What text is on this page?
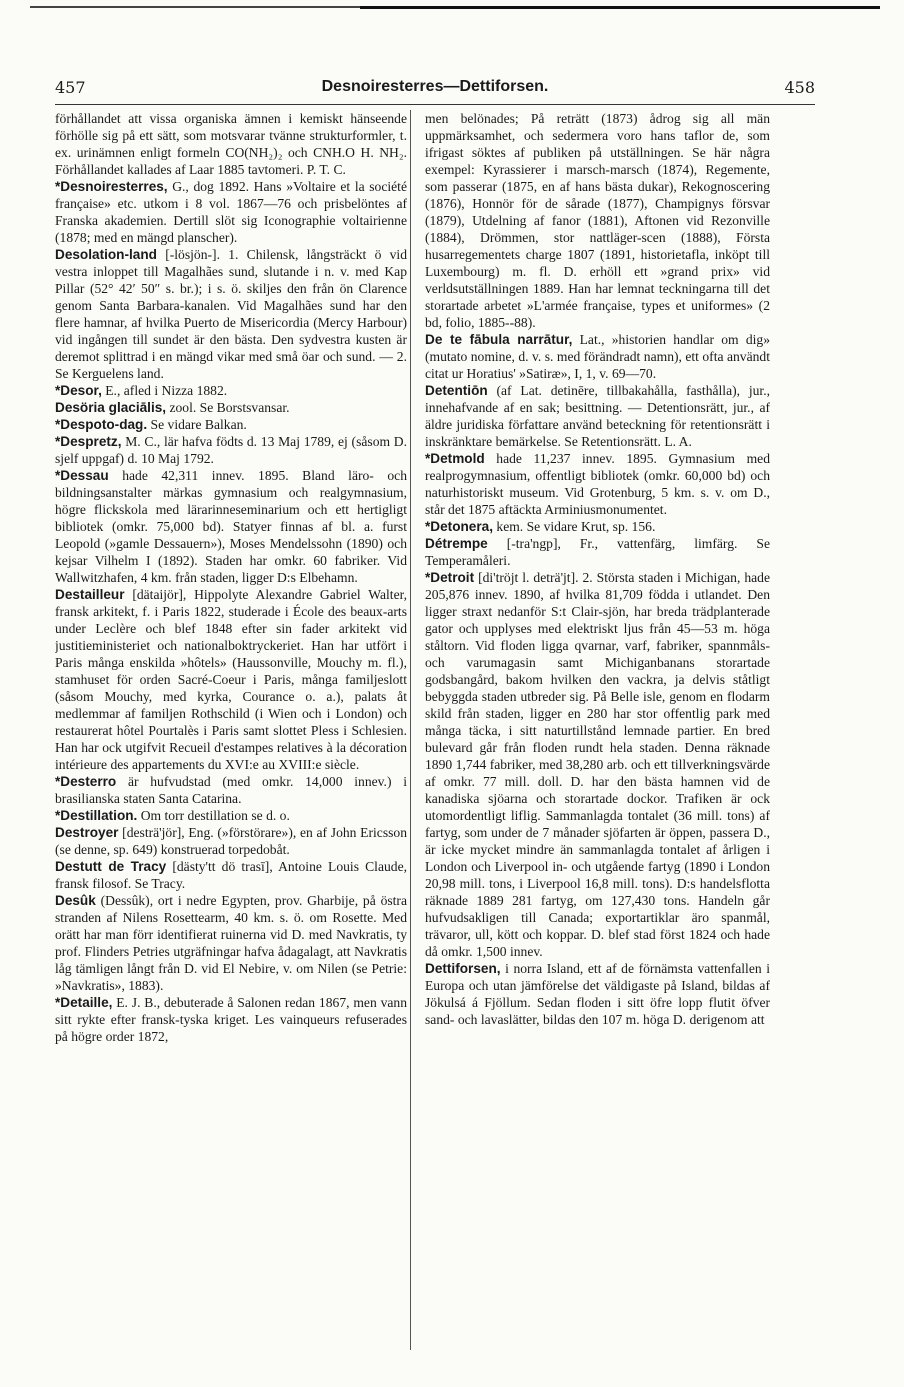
457	Desnoiresterres—Dettiforsen.	458

förhållandet att vissa organiska ämnen i kemiskt hänseende förhölle sig på ett sätt, som motsvarar tvänne strukturformler, t. ex. urinämnen enligt formeln CO(NH₂)₂ och CNH.O H. NH₂. Förhållandet kallades af Laar 1885 tavtomeri. P. T. C.

*Desnoiresterres, G., dog 1892. Hans »Voltaire et la société française» etc. utkom i 8 vol. 1867—76 och prisbelöntes af Franska akademien. Dertill slöt sig Iconographie voltairienne (1878; med en mängd planscher).

Desolation-land [-lösjön-]. 1. Chilensk, långsträckt ö vid vestra inloppet till Magalhães sund, slutande i n. v. med Kap Pillar (52° 42′ 50″ s. br.); i s. ö. skiljes den från ön Clarence genom Santa Barbara-kanalen. Vid Magalhães sund har den flere hamnar, af hvilka Puerto de Misericordia (Mercy Harbour) vid ingången till sundet är den bästa. Den sydvestra kusten är deremot splittrad i en mängd vikar med små öar och sund. — 2. Se Kerguelens land.

*Desor, E., afled i Nizza 1882.

Desöria glaciālis, zool. Se Borstsvansar.

*Despoto-dag. Se vidare Balkan.

*Despretz, M. C., lär hafva födts d. 13 Maj 1789, ej (såsom D. sjelf uppgaf) d. 10 Maj 1792.

*Dessau hade 42,311 innev. 1895. Bland läro- och bildningsanstalter märkas gymnasium och realgymnasium, högre flickskola med lärarinneseminarium och ett hertigligt bibliotek (omkr. 75,000 bd). Statyer finnas af bl. a. furst Leopold (»gamle Dessauern»), Moses Mendelssohn (1890) och kejsar Vilhelm I (1892). Staden har omkr. 60 fabriker. Vid Wallwitzhafen, 4 km. från staden, ligger D:s Elbehamn.

Destailleur [dätaijör], Hippolyte Alexandre Gabriel Walter, fransk arkitekt, f. i Paris 1822, studerade i École des beaux-arts under Leclère och blef 1848 efter sin fader arkitekt vid justitieministeriet och nationalboktryckeriet. Han har utfört i Paris många enskilda »hôtels» (Haussonville, Mouchy m. fl.), stamhuset för orden Sacré-Coeur i Paris, många familjeslott (såsom Mouchy, med kyrka, Courance o. a.), palats åt medlemmar af familjen Rothschild (i Wien och i London) och restaurerat hôtel Pourtalès i Paris samt slottet Pless i Schlesien. Han har ock utgifvit Recueil d'estampes relatives à la décoration intérieure des appartements du XVI:e au XVIII:e siècle.

*Desterro är hufvudstad (med omkr. 14,000 innev.) i brasilianska staten Santa Catarina.

*Destillation. Om torr destillation se d. o.

Destroyer [desträ'jör], Eng. (»förstörare»), en af John Ericsson (se denne, sp. 649) konstruerad torpedobåt.

Destutt de Tracy [dästy'tt dö trasī], Antoine Louis Claude, fransk filosof. Se Tracy.

Desûk (Dessûk), ort i nedre Egypten, prov. Gharbije, på östra stranden af Nilens Rosettearm, 40 km. s. ö. om Rosette. Med orätt har man förr identifierat ruinerna vid D. med Navkratis, ty prof. Flinders Petries utgräfningar hafva ådagalagt, att Navkratis låg tämligen långt från D. vid El Nebire, v. om Nilen (se Petrie: »Navkratis», 1883).

*Detaille, E. J. B., debuterade å Salonen redan 1867, men vann sitt rykte efter fransk-tyska kriget. Les vainqueurs refuserades på högre order 1872,

men belönades; På reträtt (1873) ådrog sig all män uppmärksamhet, och sedermera voro hans taflor de, som ifrigast söktes af publiken på utställningen. Se här några exempel: Kyrassierer i marsch-marsch (1874), Regemente, som passerar (1875, en af hans bästa dukar), Rekognoscering (1876), Honnör för de sårade (1877), Champignys försvar (1879), Utdelning af fanor (1881), Aftonen vid Rezonville (1884), Drömmen, stor nattläger-scen (1888), Första husarregementets charge 1807 (1891, historietafla, inköpt till Luxembourg) m. fl. D. erhöll ett »grand prix» vid verldsutställningen 1889. Han har lemnat teckningarna till det storartade arbetet »L'armée française, types et uniformes» (2 bd, folio, 1885--88).

De te fābula narrātur, Lat., »historien handlar om dig» (mutato nomine, d. v. s. med förändradt namn), ett ofta användt citat ur Horatius' »Satiræ», I, 1, v. 69—70.

Detentiōn (af Lat. detinēre, tillbakahålla, fasthålla), jur., innehafvande af en sak; besittning. — Detentionsrätt, jur., af äldre juridiska författare använd beteckning för retentionsrätt i inskränktare bemärkelse. Se Retentionsrätt. L. A.

*Detmold hade 11,237 innev. 1895. Gymnasium med realprogymnasium, offentligt bibliotek (omkr. 60,000 bd) och naturhistoriskt museum. Vid Grotenburg, 5 km. s. v. om D., står det 1875 aftäckta Arminiusmonumentet.

*Detonera, kem. Se vidare Krut, sp. 156.

Détrempe [-tra'ngp], Fr., vattenfärg, limfärg. Se Temperamåleri.

*Detroit [di'tröjt l. deträ'jt]. 2. Största staden i Michigan, hade 205,876 innev. 1890, af hvilka 81,709 födda i utlandet. Den ligger straxt nedanför S:t Clair-sjön, har breda trädplanterade gator och upplyses med elektriskt ljus från 45—53 m. höga ståltorn. Vid floden ligga qvarnar, varf, fabriker, spannmåls- och varumagasin samt Michiganbanans storartade godsbangård, bakom hvilken den vackra, ja delvis ståtligt bebyggda staden utbreder sig. På Belle isle, genom en flodarm skild från staden, ligger en 280 har stor offentlig park med många täcka, i sitt naturtillstånd lemnade partier. En bred bulevard går från floden rundt hela staden. Denna räknade 1890 1,744 fabriker, med 38,280 arb. och ett tillverkningsvärde af omkr. 77 mill. doll. D. har den bästa hamnen vid de kanadiska sjöarna och storartade dockor. Trafiken är ock utomordentligt liflig. Sammanlagda tontalet (36 mill. tons) af fartyg, som under de 7 månader sjöfarten är öppen, passera D., är icke mycket mindre än sammanlagda tontalet af årligen i London och Liverpool in- och utgående fartyg (1890 i London 20,98 mill. tons, i Liverpool 16,8 mill. tons). D:s handelsflotta räknade 1889 281 fartyg, om 127,430 tons. Handeln går hufvudsakligen till Canada; exportartiklar äro spanmål, trävaror, ull, kött och koppar. D. blef stad först 1824 och hade då omkr. 1,500 innev.

Dettiforsen, i norra Island, ett af de förnämsta vattenfallen i Europa och utan jämförelse det väldigaste på Island, bildas af Jökulsá á Fjöllum. Sedan floden i sitt öfre lopp flutit öfver sand- och lavaslätter, bildas den 107 m. höga D. derigenom att
